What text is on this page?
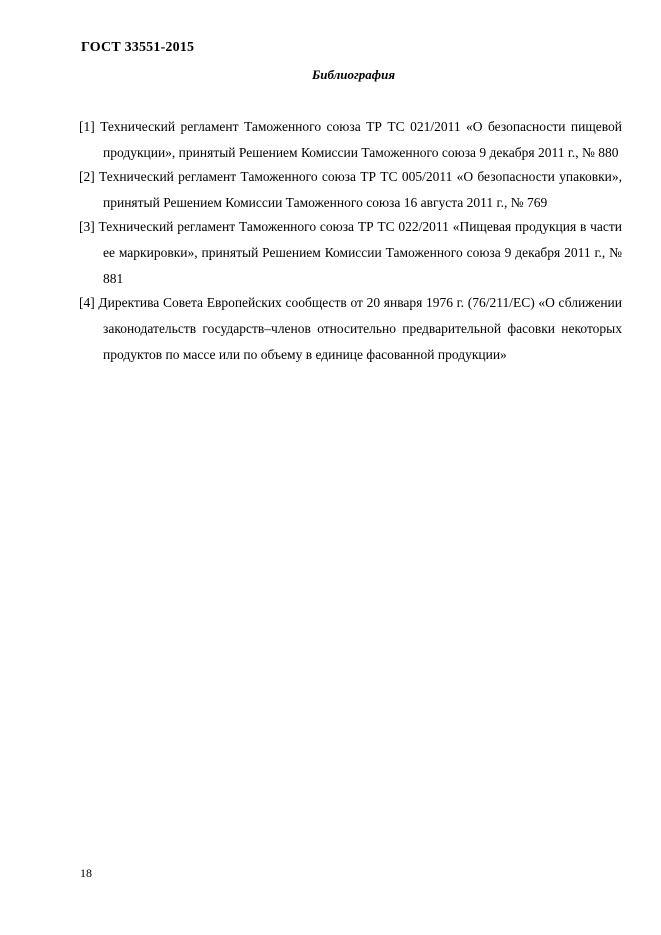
ГОСТ 33551-2015
Библиография
[1] Технический регламент Таможенного союза ТР ТС 021/2011 «О безопасности пищевой продукции», принятый Решением Комиссии Таможенного союза 9 декабря 2011 г., № 880
[2] Технический регламент Таможенного союза ТР ТС 005/2011 «О безопасности упаковки», принятый Решением Комиссии Таможенного союза 16 августа 2011 г., № 769
[3] Технический регламент Таможенного союза ТР ТС 022/2011 «Пищевая продукция в части ее маркировки», принятый Решением Комиссии Таможенного союза 9 декабря 2011 г., № 881
[4] Директива Совета Европейских сообществ от 20 января 1976 г. (76/211/ЕС) «О сближении законодательств государств–членов относительно предварительной фасовки некоторых продуктов по массе или по объему в единице фасованной продукции»
18
